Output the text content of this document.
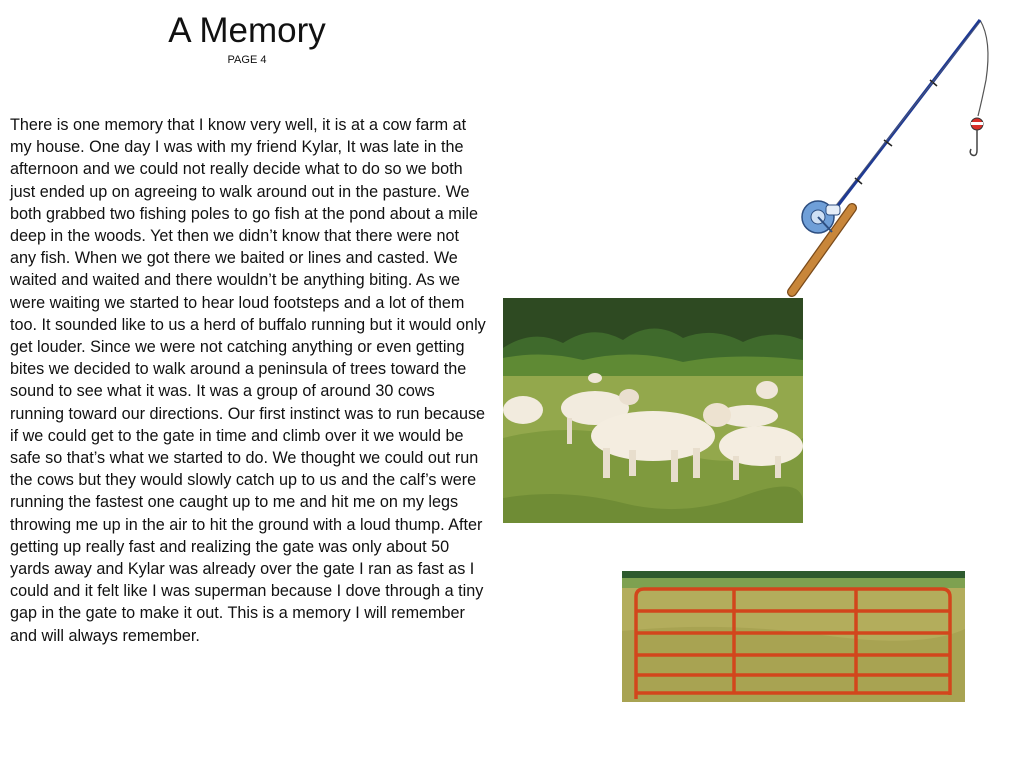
A Memory
PAGE 4

There is one memory that I know very well, it is at a cow farm at my house. One day I was with my friend Kylar, It was late in the afternoon and we could not really decide what to do so we both just ended up on agreeing to walk around out in the pasture. We both grabbed two fishing poles to go fish at the pond about a mile deep in the woods. Yet then we didn’t know that there were not any fish. When we got there we baited or lines and casted. We waited and waited and there wouldn’t be anything biting. As we were waiting we started to hear loud footsteps and a lot of them too. It sounded like to us a herd of buffalo running but it would only get louder. Since we were not catching anything or even getting bites we decided to walk around a peninsula of trees toward the sound to see what it was. It was a group of around 30 cows running toward our directions. Our first instinct was to run because if we could get to the gate in time and climb over it we would be safe so that’s what we started to do. We thought we could out run the cows but they would slowly catch up to us and the calf’s were running the fastest one caught up to me and hit me on my legs throwing me up in the air to hit the ground with a loud thump. After getting up really fast and realizing the gate was only about 50 yards away and Kylar was already over the gate I ran as fast as I could and it felt like I was superman because I dove through a tiny gap in the gate to make it out. This is a memory I will remember and will always remember.
